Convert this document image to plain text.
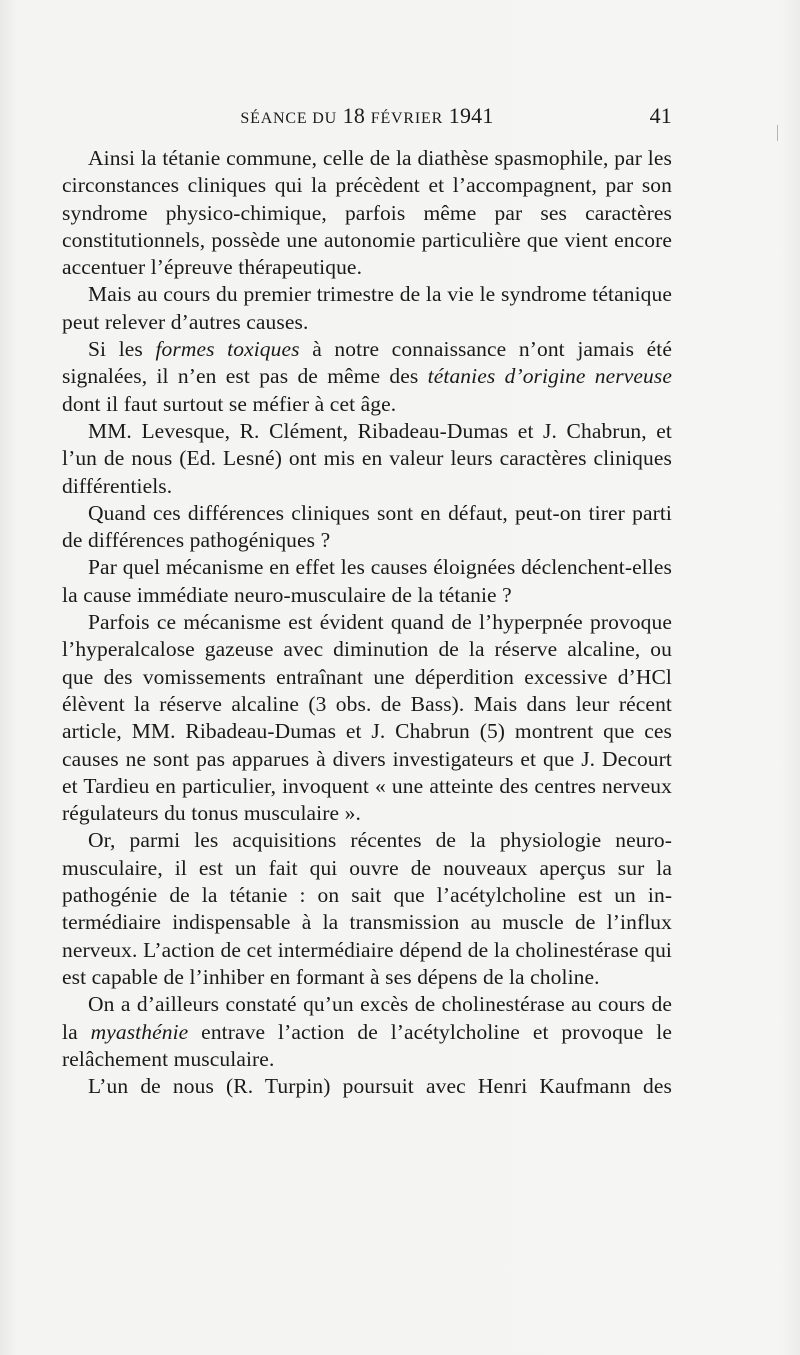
SÉANCE DU 18 FÉVRIER 1941	41

Ainsi la tétanie commune, celle de la diathèse spasmophile, par les circonstances cliniques qui la précèdent et l’accompagnent, par son syndrome physico-chimique, parfois même par ses caractères constitutionnels, possède une autonomie particulière que vient encore accentuer l’épreuve thérapeutique.

Mais au cours du premier trimestre de la vie le syndrome tétanique peut relever d’autres causes.

Si les formes toxiques à notre connaissance n’ont jamais été signalées, il n’en est pas de même des tétanies d’origine nerveuse dont il faut surtout se méfier à cet âge.

MM. Levesque, R. Clément, Ribadeau-Dumas et J. Chabrun, et l’un de nous (Ed. Lesné) ont mis en valeur leurs caractères cliniques différentiels.

Quand ces différences cliniques sont en défaut, peut-on tirer parti de différences pathogéniques ?

Par quel mécanisme en effet les causes éloignées déclenchent-elles la cause immédiate neuro-musculaire de la tétanie ?

Parfois ce mécanisme est évident quand de l’hyperpnée provoque l’hyperalcalose gazeuse avec diminution de la réserve alcaline, ou que des vomissements entraînant une déperdition excessive d’HCl élèvent la réserve alcaline (3 obs. de Bass). Mais dans leur récent article, MM. Ribadeau-Dumas et J. Chabrun (5) montrent que ces causes ne sont pas apparues à divers investigateurs et que J. Decourt et Tardieu en particulier, invoquent « une atteinte des centres nerveux régulateurs du tonus musculaire ».

Or, parmi les acquisitions récentes de la physiologie neuro-musculaire, il est un fait qui ouvre de nouveaux aperçus sur la pathogénie de la tétanie : on sait que l’acétylcholine est un intermédiaire indispensable à la transmission au muscle de l’influx nerveux. L’action de cet intermédiaire dépend de la cholinestérase qui est capable de l’inhiber en formant à ses dépens de la choline.

On a d’ailleurs constaté qu’un excès de cholinestérase au cours de la myasthénie entrave l’action de l’acétylcholine et provoque le relâchement musculaire.

L’un de nous (R. Turpin) poursuit avec Henri Kaufmann des
